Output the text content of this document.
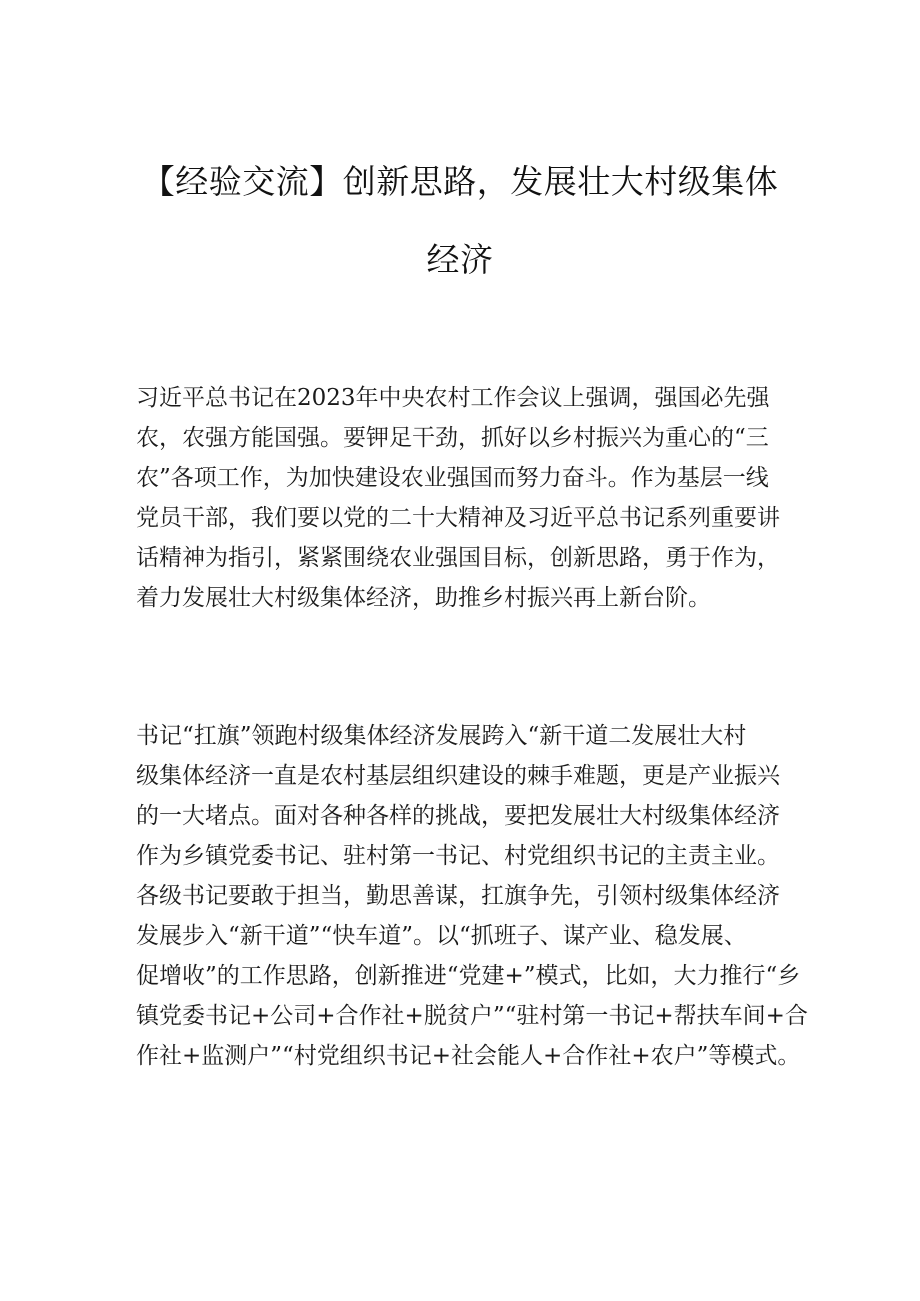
【经验交流】创新思路，发展壮大村级集体
经济
习近平总书记在2023年中央农村工作会议上强调，强国必先强
农，农强方能国强。要钾足干劲，抓好以乡村振兴为重心的“三
农”各项工作，为加快建设农业强国而努力奋斗。作为基层一线
党员干部，我们要以党的二十大精神及习近平总书记系列重要讲
话精神为指引，紧紧围绕农业强国目标，创新思路，勇于作为，
着力发展壮大村级集体经济，助推乡村振兴再上新台阶。
书记“扛旗”领跑村级集体经济发展跨入“新干道二发展壮大村
级集体经济一直是农村基层组织建设的棘手难题，更是产业振兴
的一大堵点。面对各种各样的挑战，要把发展壮大村级集体经济
作为乡镇党委书记、驻村第一书记、村党组织书记的主责主业。
各级书记要敢于担当，勤思善谋，扛旗争先，引领村级集体经济
发展步入“新干道”“快车道”。以“抓班子、谋产业、稳发展、
促增收”的工作思路，创新推进“党建+”模式，比如，大力推行“乡
镇党委书记+公司+合作社+脱贫户”“驻村第一书记+帮扶车间+合
作社+监测户”“村党组织书记+社会能人+合作社+农户”等模式。
